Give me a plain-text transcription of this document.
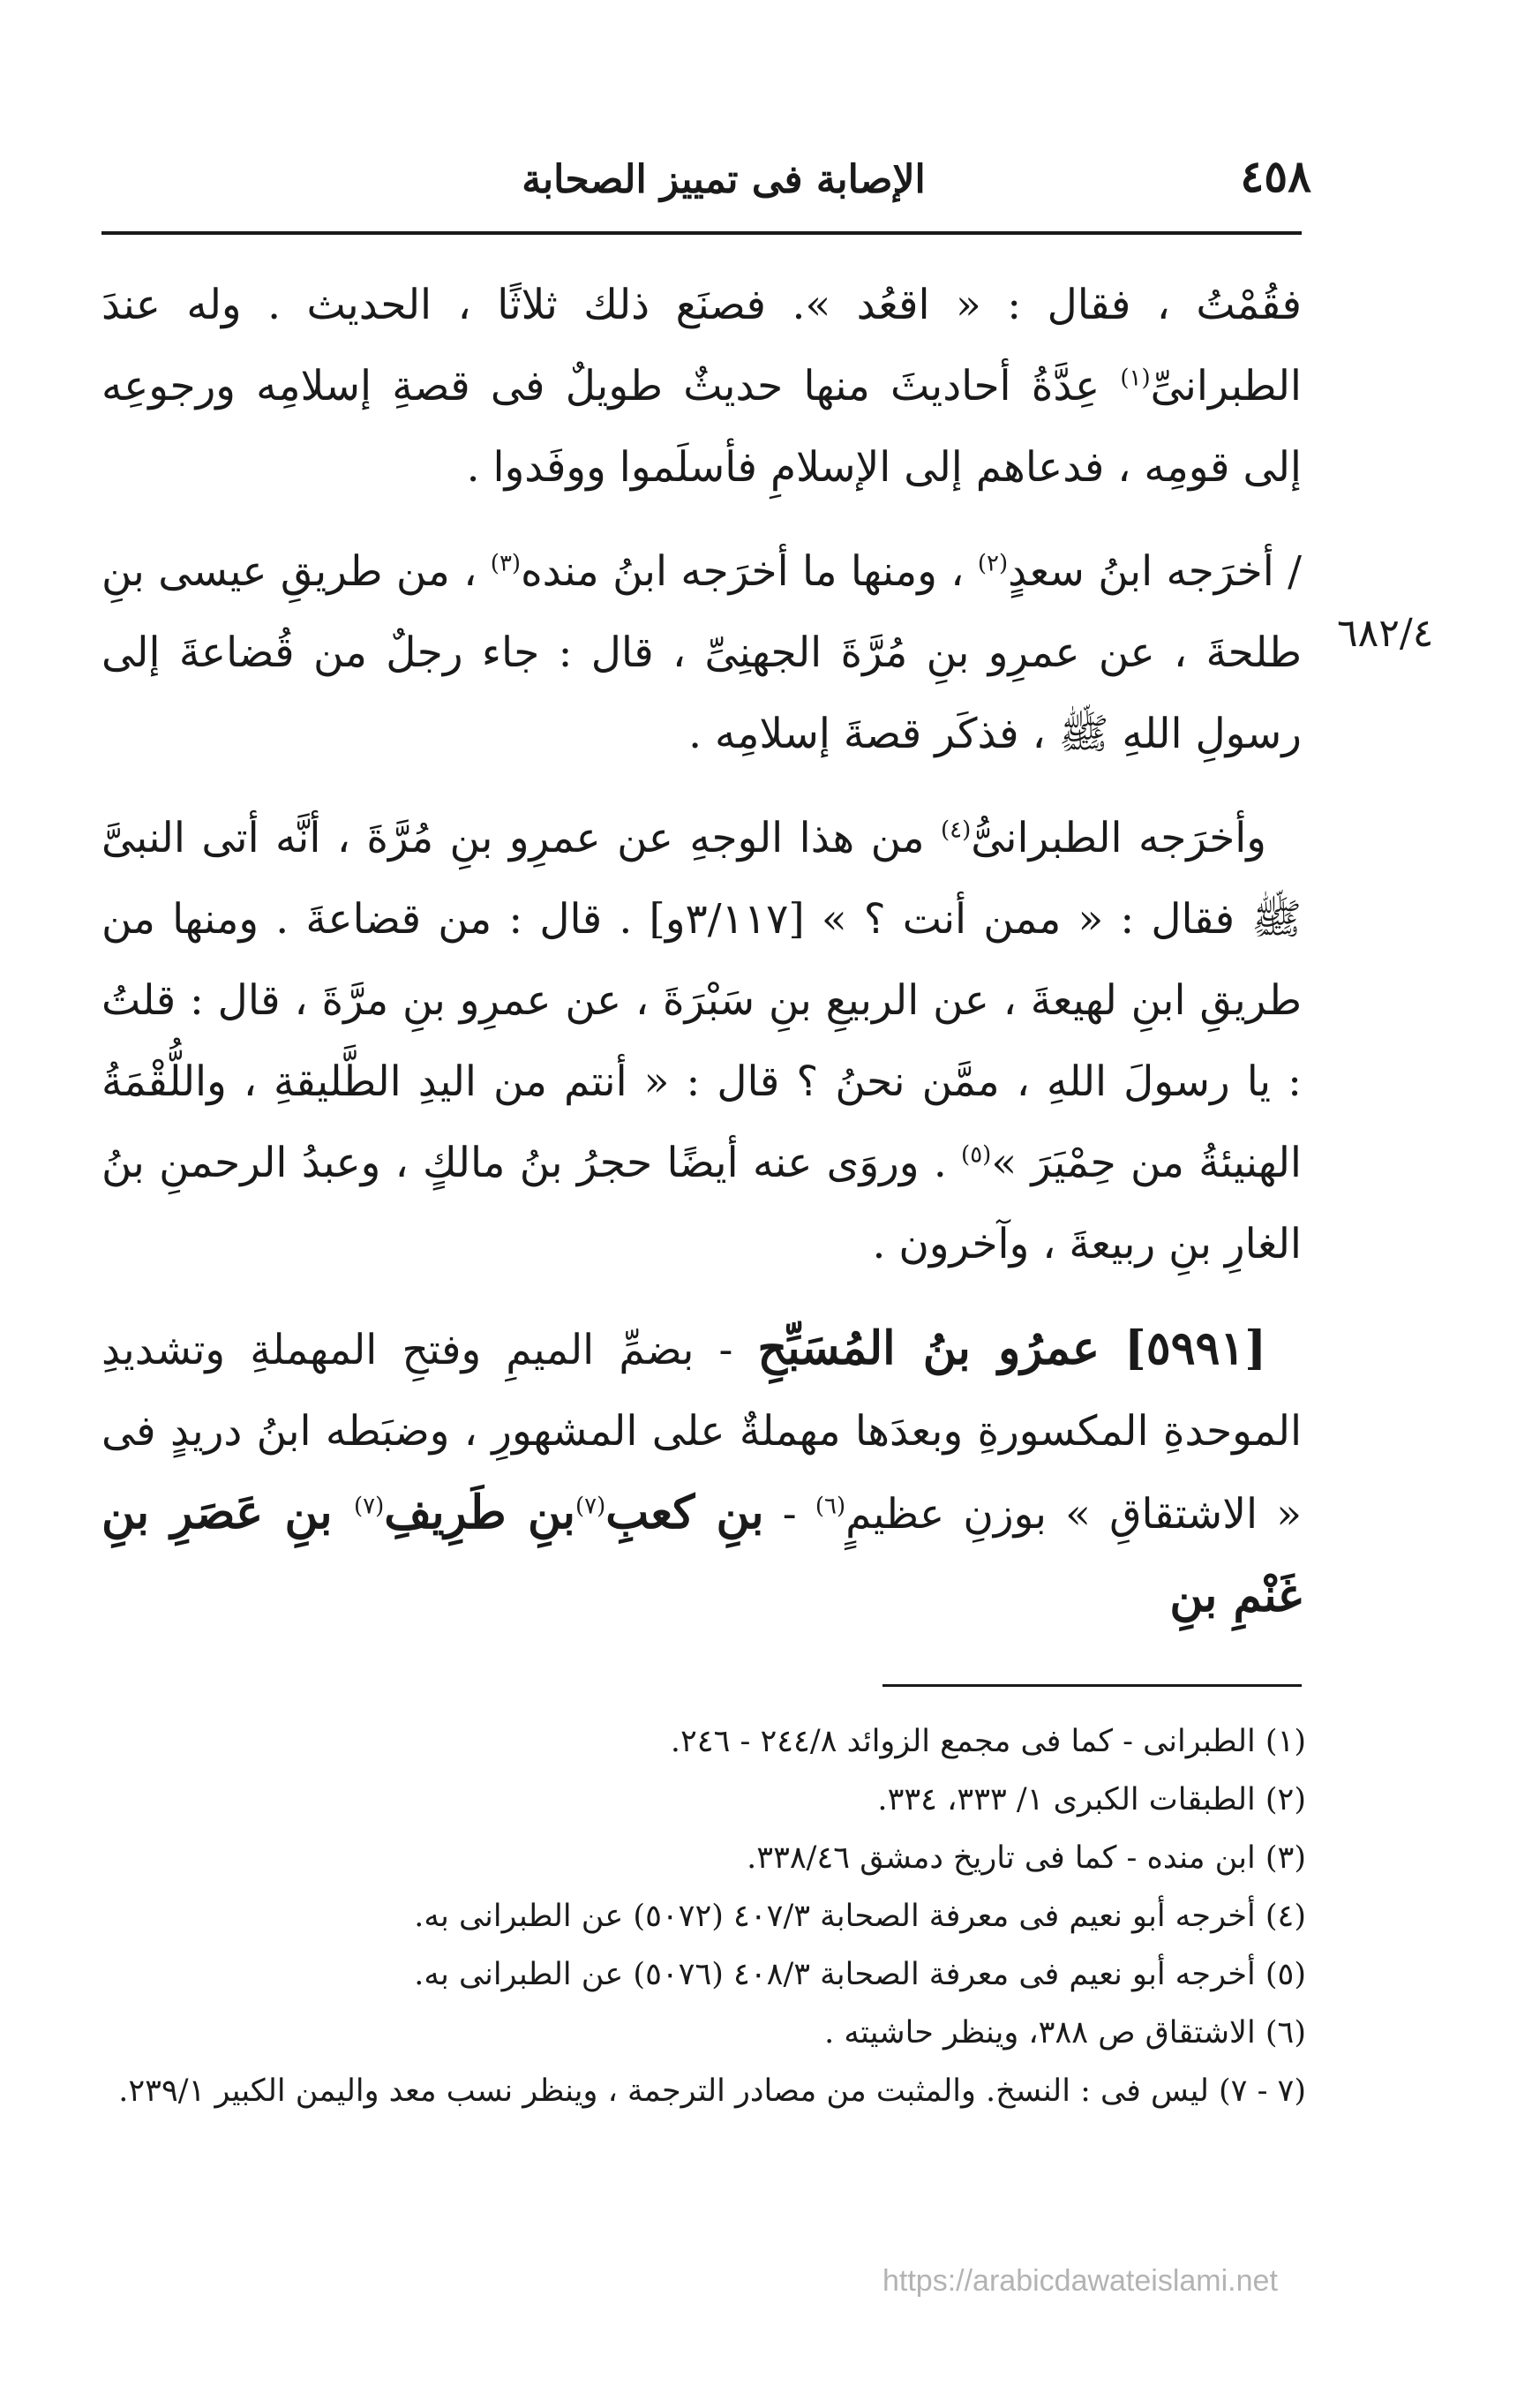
٤٥٨
الإصابة فى تمييز الصحابة
٦٨٢/٤

فقُمْتُ ، فقال : « اقعُد ». فصنَع ذلك ثلاثًا ، الحديث . وله عندَ الطبرانىِّ$^{(١)}$ عِدَّةُ أحاديثَ منها حديثٌ طويلٌ فى قصةِ إسلامِه ورجوعِه إلى قومِه ، فدعاهم إلى الإسلامِ فأسلَموا ووفَدوا .

/ أخرَجه ابنُ سعدٍ$^{(٢)}$ ، ومنها ما أخرَجه ابنُ منده$^{(٣)}$ ، من طريقِ عيسى بنِ طلحةَ ، عن عمرِو بنِ مُرَّةَ الجهنِىِّ ، قال : جاء رجلٌ من قُضاعةَ إلى رسولِ اللهِ ﷺ ، فذكَر قصةَ إسلامِه .

وأخرَجه الطبرانىُّ$^{(٤)}$ من هذا الوجهِ عن عمرِو بنِ مُرَّةَ ، أنَّه أتى النبىَّ ﷺ فقال : « ممن أنت ؟ » ‎[٣/١١٧و]‏ . قال : من قضاعةَ . ومنها من طريقِ ابنِ لهيعةَ ، عن الربيعِ بنِ سَبْرَةَ ، عن عمرِو بنِ مرَّةَ ، قال : قلتُ : يا رسولَ اللهِ ، ممَّن نحنُ ؟ قال : « أنتم من اليدِ الطَّليقةِ ، واللُّقْمَةُ الهنيئةُ من حِمْيَرَ »$^{(٥)}$ . وروَى عنه أيضًا حجرُ بنُ مالكٍ ، وعبدُ الرحمنِ بنُ الغارِ بنِ ربيعةَ ، وآخرون .

[٥٩٩١] عمرُو بنُ المُسَبِّحِ - بضمِّ الميمِ وفتحِ المهملةِ وتشديدِ الموحدةِ المكسورةِ وبعدَها مهملةٌ على المشهورِ ، وضبَطه ابنُ دريدٍ فى « الاشتقاقِ » بوزنِ عظيمٍ$^{(٦)}$ - بنِ كعبِ$^{(٧)}$بنِ طَرِيفِ$^{(٧)}$ بنِ عَصَرِ بنِ غَنْمِ بنِ

(١) الطبرانى - كما فى مجمع الزوائد ٢٤٤/٨ - ٢٤٦.

(٢) الطبقات الكبرى ١/ ٣٣٣، ٣٣٤.

(٣) ابن منده - كما فى تاريخ دمشق ٣٣٨/٤٦.

(٤) أخرجه أبو نعيم فى معرفة الصحابة ٤٠٧/٣ (٥٠٧٢) عن الطبرانى به.

(٥) أخرجه أبو نعيم فى معرفة الصحابة ٤٠٨/٣ (٥٠٧٦) عن الطبرانى به.

(٦) الاشتقاق ص ٣٨٨، وينظر حاشيته .

(٧ - ٧) ليس فى : النسخ. والمثبت من مصادر الترجمة ، وينظر نسب معد واليمن الكبير ٢٣٩/١.

https://arabicdawateislami.net
